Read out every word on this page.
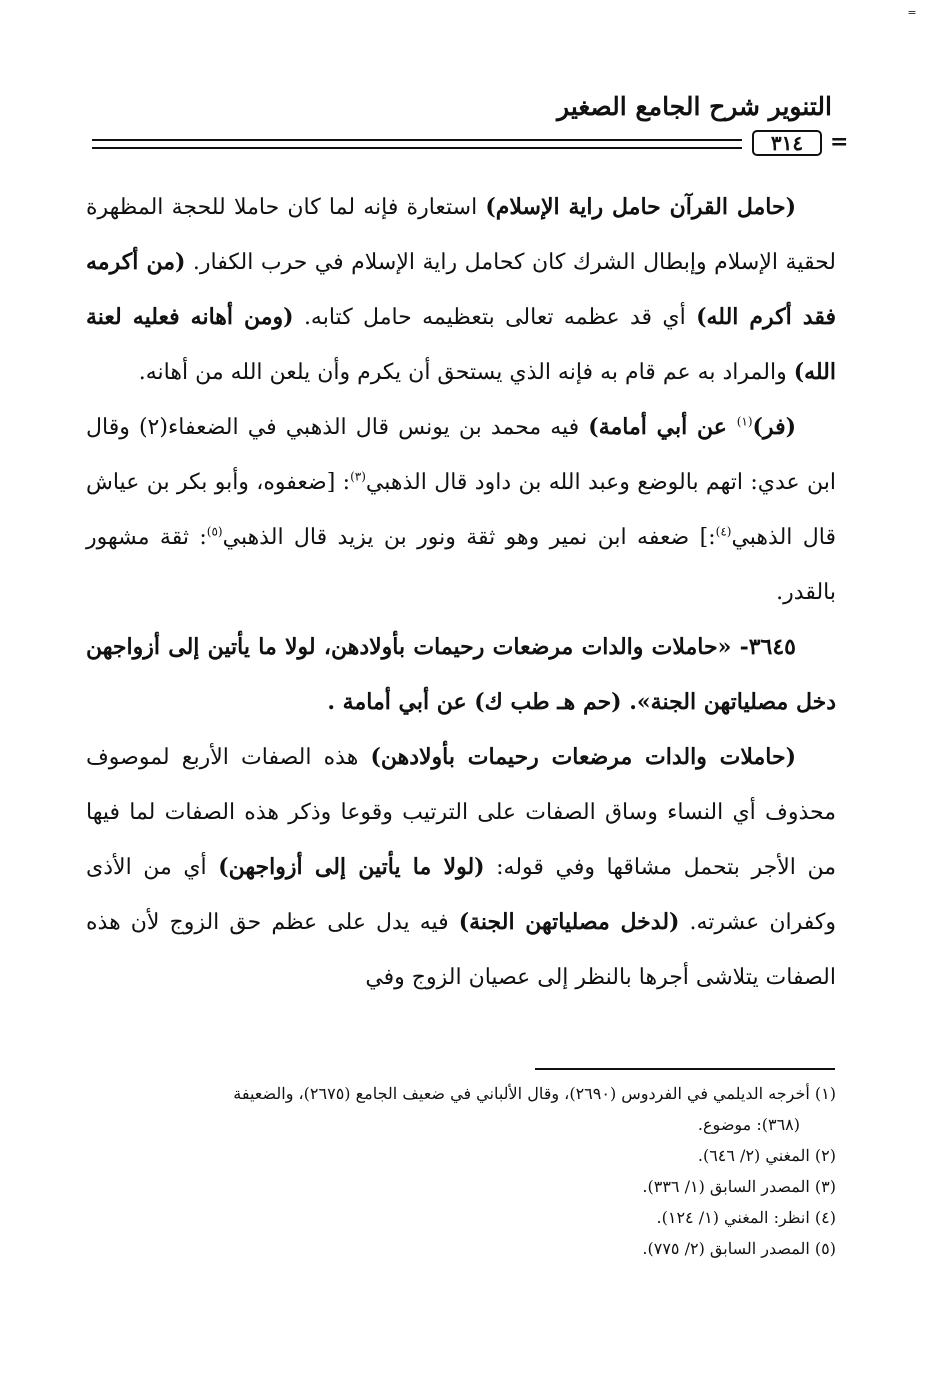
=
التنوير شرح الجامع الصغير
٣١٤	=

(حامل القرآن حامل راية الإسلام) استعارة فإنه لما كان حاملا للحجة المظهرة لحقية الإسلام وإبطال الشرك كان كحامل راية الإسلام في حرب الكفار. (من أكرمه فقد أكرم الله) أي قد عظمه تعالى بتعظيمه حامل كتابه. (ومن أهانه فعليه لعنة الله) والمراد به عم قام به فإنه الذي يستحق أن يكرم وأن يلعن الله من أهانه.

(فر)$^{(١)}$ عن أبي أمامة) فيه محمد بن يونس قال الذهبي في الضعفاء(٢) وقال ابن عدي: اتهم بالوضع وعبد الله بن داود قال الذهبي$^{(٣)}$: [ضعفوه، وأبو بكر بن عياش قال الذهبي$^{(٤)}$:] ضعفه ابن نمير وهو ثقة ونور بن يزيد قال الذهبي$^{(٥)}$: ثقة مشهور بالقدر.

٣٦٤٥- «حاملات والدات مرضعات رحيمات بأولادهن، لولا ما يأتين إلى أزواجهن دخل مصلياتهن الجنة». (حم هـ طب ك) عن أبي أمامة .

(حاملات والدات مرضعات رحيمات بأولادهن) هذه الصفات الأربع لموصوف محذوف أي النساء وساق الصفات على الترتيب وقوعا وذكر هذه الصفات لما فيها من الأجر بتحمل مشاقها وفي قوله: (لولا ما يأتين إلى أزواجهن) أي من الأذى وكفران عشرته. (لدخل مصلياتهن الجنة) فيه يدل على عظم حق الزوج لأن هذه الصفات يتلاشى أجرها بالنظر إلى عصيان الزوج وفي

(١) أخرجه الديلمي في الفردوس (٢٦٩٠)، وقال الألباني في ضعيف الجامع (٢٦٧٥)، والضعيفة

(٣٦٨): موضوع.

(٢) المغني (٢/ ٦٤٦).

(٣) المصدر السابق (١/ ٣٣٦).

(٤) انظر: المغني (١/ ١٢٤).

(٥) المصدر السابق (٢/ ٧٧٥).
